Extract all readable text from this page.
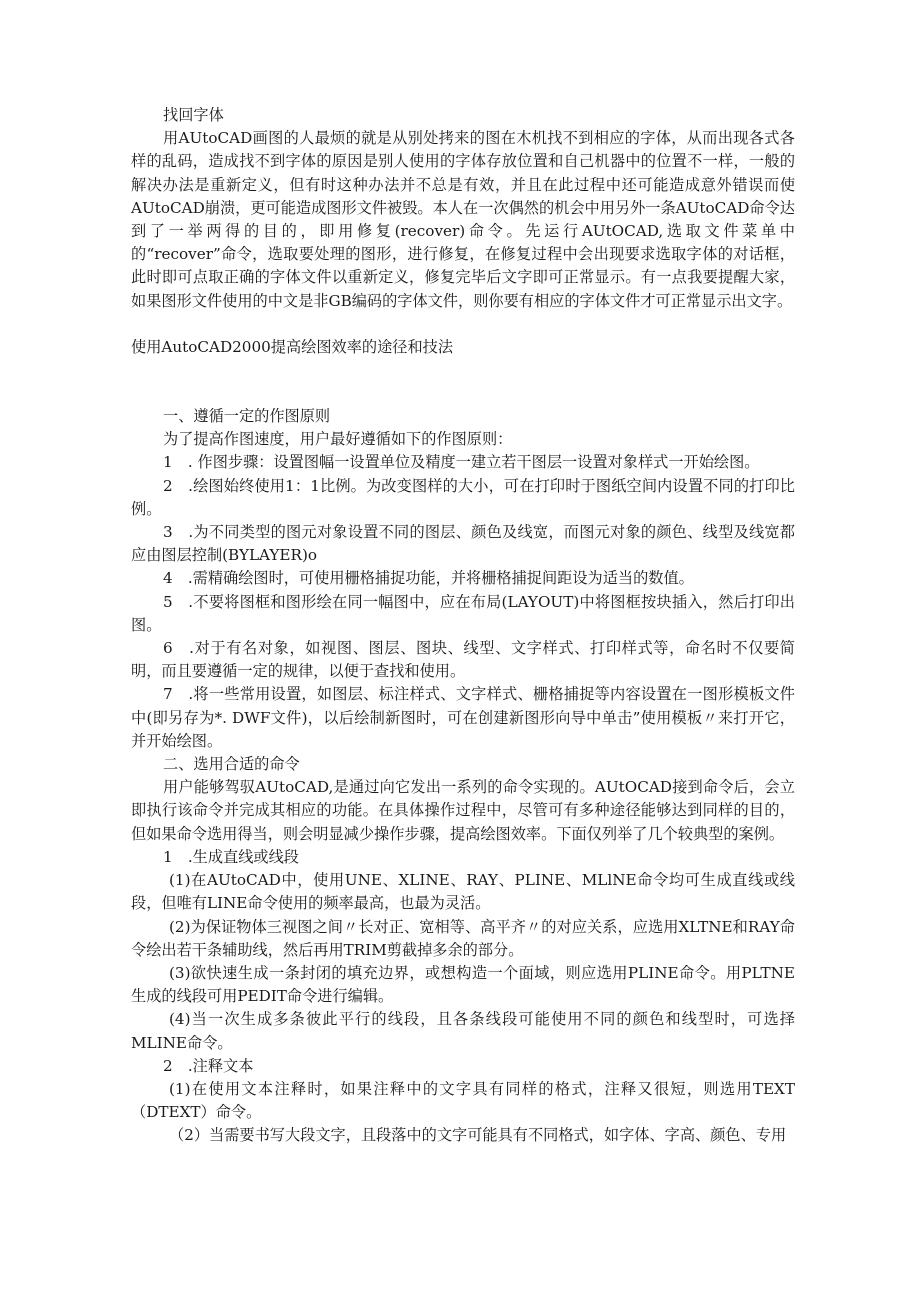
找回字体

用AUtoCAD画图的人最烦的就是从别处拷来的图在木机找不到相应的字体，从而出现各式各样的乱码，造成找不到字体的原因是别人使用的字体存放位置和自己机器中的位置不一样，一般的解决办法是重新定义，但有时这种办法并不总是有效，并且在此过程中还可能造成意外错误而使AUtoCAD崩溃，更可能造成图形文件被毁。本人在一次偶然的机会中用另外一条AUtoCAD命令达到了一举两得的目的，即用修复(recover)命令。先运行AUtOCAD,选取文件菜单中的“recover”命令，选取要处理的图形，进行修复，在修复过程中会出现要求选取字体的对话框，此时即可点取正确的字体文件以重新定义，修复完毕后文字即可正常显示。有一点我要提醒大家，如果图形文件使用的中文是非GB编码的字体文件，则你要有相应的字体文件才可正常显示出文字。

使用AutoCAD2000提高绘图效率的途径和技法

一、遵循一定的作图原则

为了提高作图速度，用户最好遵循如下的作图原则：

1　. 作图步骤：设置图幅一设置单位及精度一建立若干图层一设置对象样式一开始绘图。

2　.绘图始终使用1：1比例。为改变图样的大小，可在打印时于图纸空间内设置不同的打印比例。

3　.为不同类型的图元对象设置不同的图层、颜色及线宽，而图元对象的颜色、线型及线宽都应由图层控制(BYLAYER)o

4　.需精确绘图时，可使用栅格捕捉功能，并将栅格捕捉间距设为适当的数值。

5　.不要将图框和图形绘在同一幅图中，应在布局(LAYOUT)中将图框按块插入，然后打印出图。

6　.对于有名对象，如视图、图层、图块、线型、文字样式、打印样式等，命名时不仅要简明，而且要遵循一定的规律，以便于查找和使用。

7　.将一些常用设置，如图层、标注样式、文字样式、栅格捕捉等内容设置在一图形模板文件中(即另存为*. DWF文件)，以后绘制新图时，可在创建新图形向导中单击”使用模板〃来打开它，并开始绘图。

二、选用合适的命令

用户能够驾驭AUtoCAD,是通过向它发出一系列的命令实现的。AUtOCAD接到命令后，会立即执行该命令并完成其相应的功能。在具体操作过程中，尽管可有多种途径能够达到同样的目的，但如果命令选用得当，则会明显减少操作步骤，提高绘图效率。下面仅列举了几个较典型的案例。

1　.生成直线或线段

(1)在AUtoCAD中，使用UNE、XLINE、RAY、PLINE、MLlNE命令均可生成直线或线段，但唯有LINE命令使用的频率最高，也最为灵活。

(2)为保证物体三视图之间〃长对正、宽相等、高平齐〃的对应关系，应选用XLTNE和RAY命令绘出若干条辅助线，然后再用TRIM剪截掉多余的部分。

(3)欲快速生成一条封闭的填充边界，或想构造一个面域，则应选用PLINE命令。用PLTNE生成的线段可用PEDIT命令进行编辑。

(4)当一次生成多条彼此平行的线段，且各条线段可能使用不同的颜色和线型时，可选择MLINE命令。

2　.注释文本

(1)在使用文本注释时，如果注释中的文字具有同样的格式，注释又很短，则选用TEXT（DTEXT）命令。

（2）当需要书写大段文字，且段落中的文字可能具有不同格式，如字体、字高、颜色、专用
